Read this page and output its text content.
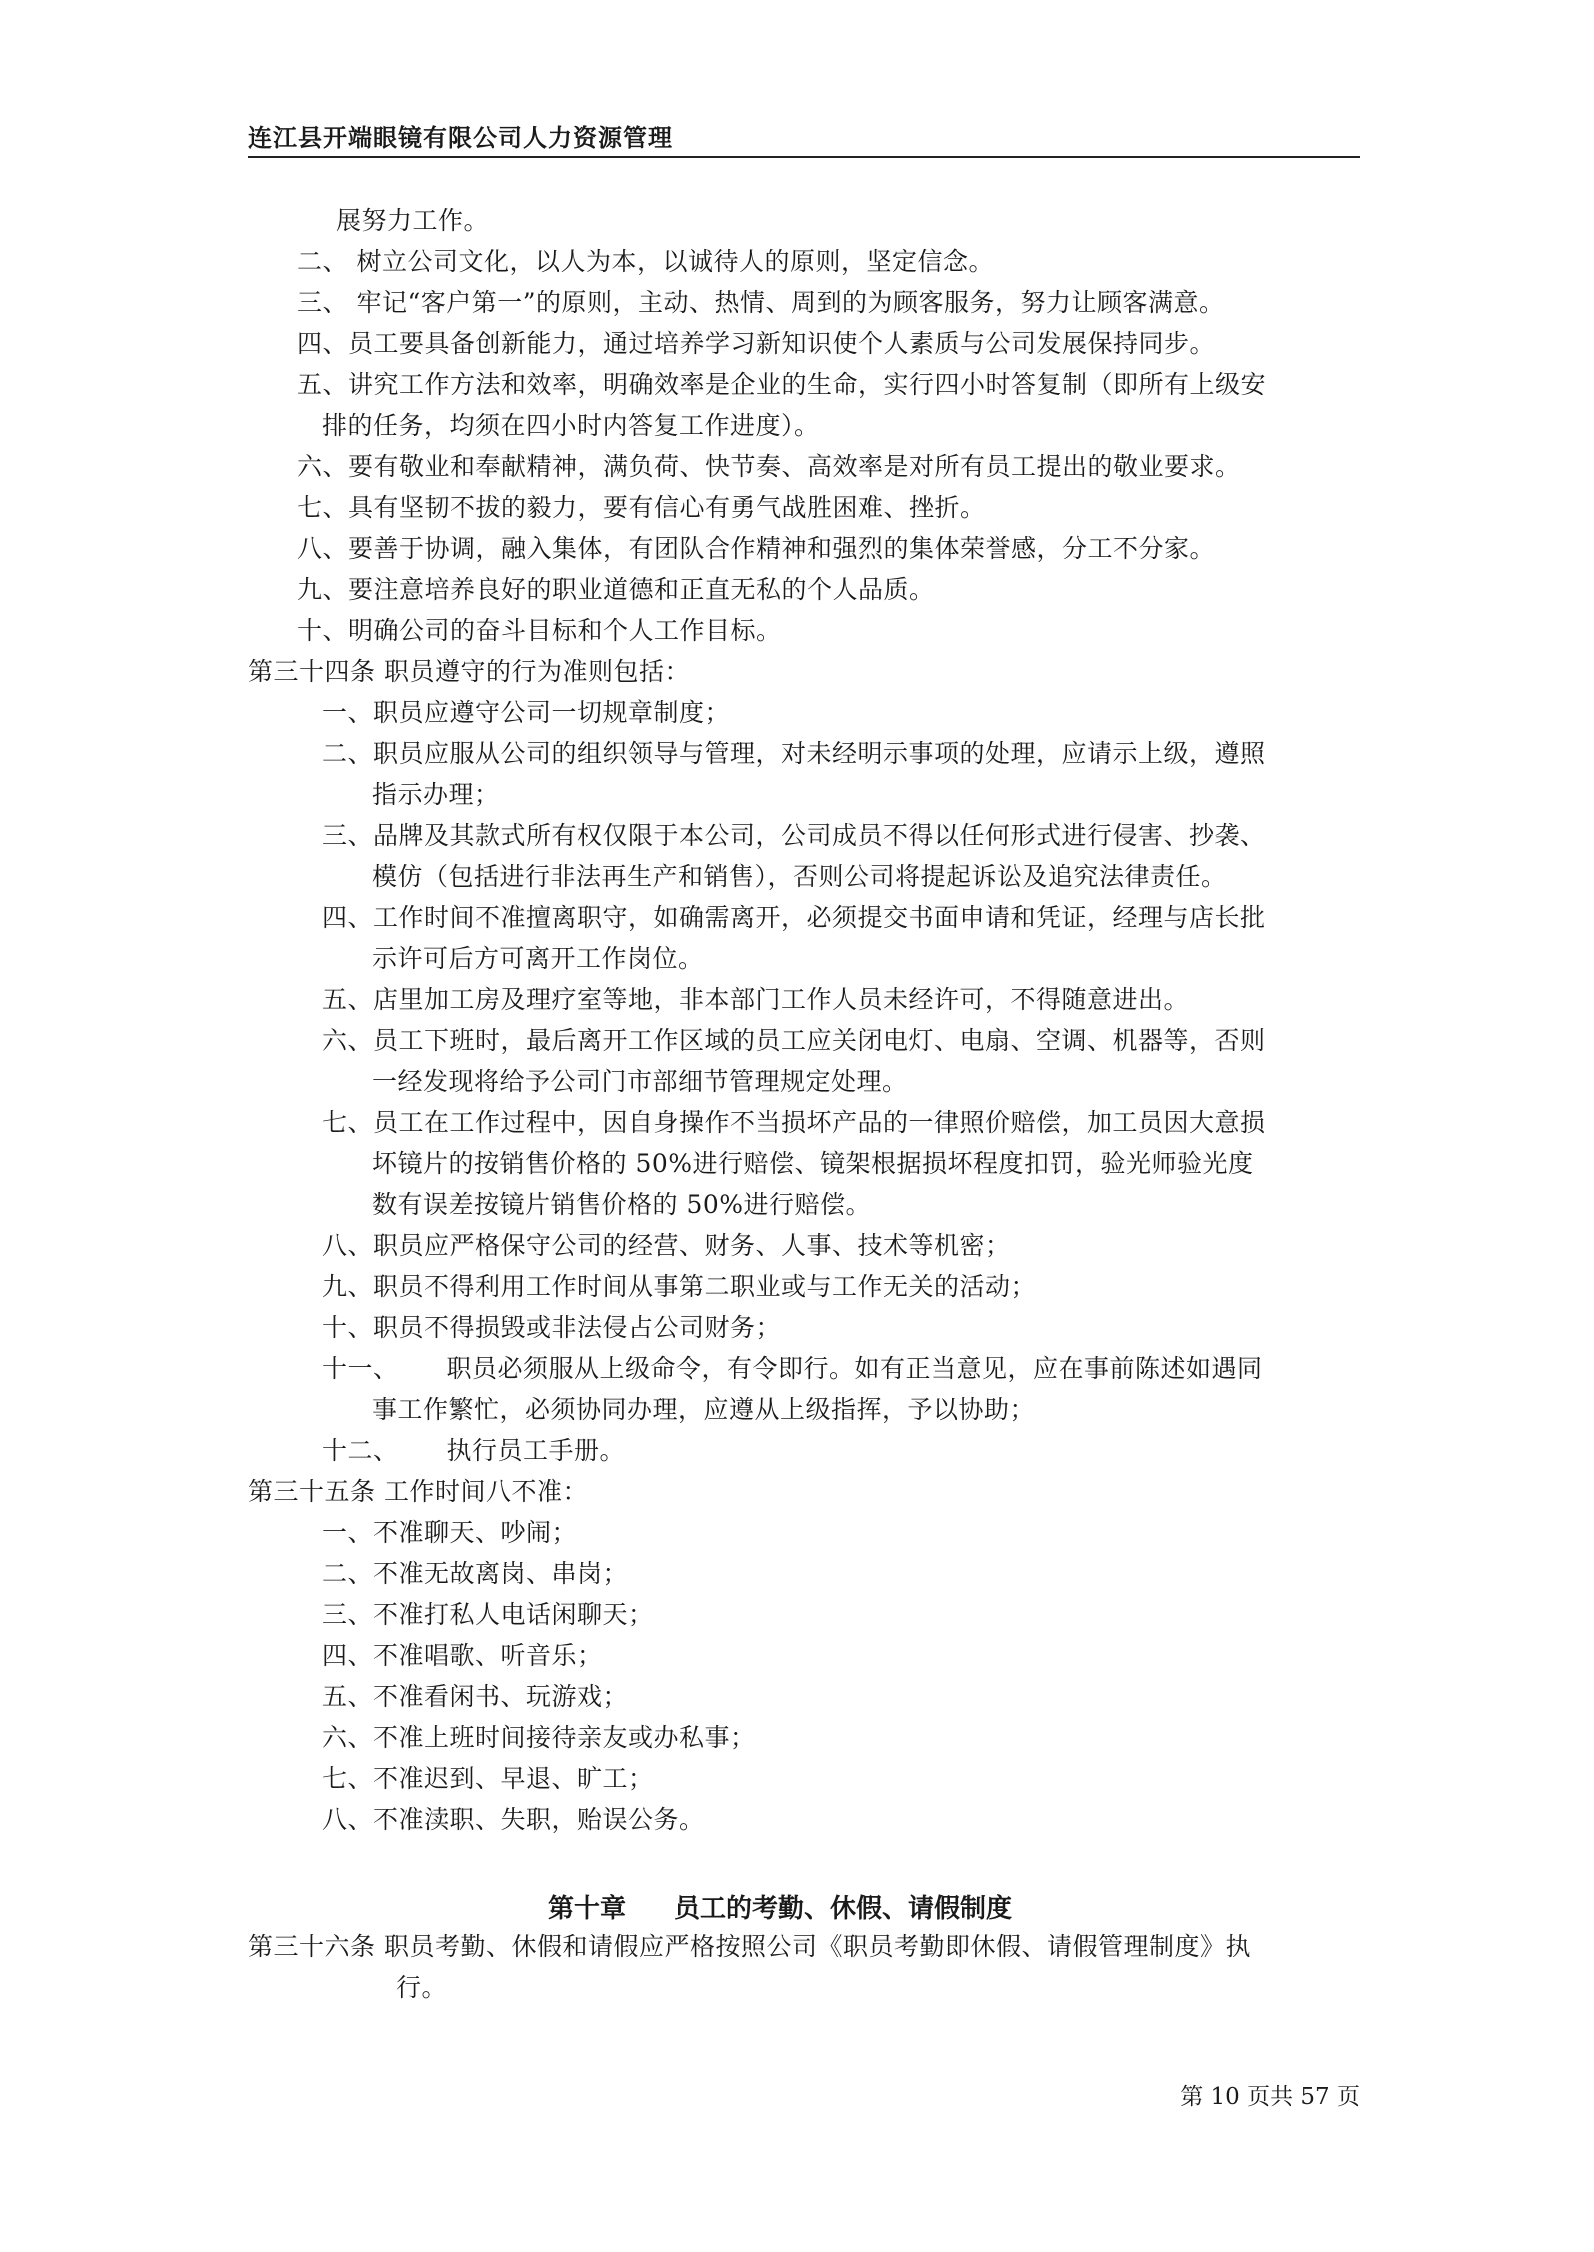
连江县开端眼镜有限公司人力资源管理
展努力工作。
二、 树立公司文化，以人为本，以诚待人的原则，坚定信念。
三、 牢记“客户第一”的原则，主动、热情、周到的为顾客服务，努力让顾客满意。
四、员工要具备创新能力，通过培养学习新知识使个人素质与公司发展保持同步。
五、讲究工作方法和效率，明确效率是企业的生命，实行四小时答复制（即所有上级安
排的任务，均须在四小时内答复工作进度）。
六、要有敬业和奉献精神，满负荷、快节奏、高效率是对所有员工提出的敬业要求。
七、具有坚韧不拔的毅力，要有信心有勇气战胜困难、挫折。
八、要善于协调，融入集体，有团队合作精神和强烈的集体荣誉感，分工不分家。
九、要注意培养良好的职业道德和正直无私的个人品质。
十、明确公司的奋斗目标和个人工作目标。
第三十四条 职员遵守的行为准则包括：
一、职员应遵守公司一切规章制度；
二、职员应服从公司的组织领导与管理，对未经明示事项的处理，应请示上级，遵照
指示办理；
三、品牌及其款式所有权仅限于本公司，公司成员不得以任何形式进行侵害、抄袭、
模仿（包括进行非法再生产和销售），否则公司将提起诉讼及追究法律责任。
四、工作时间不准擅离职守，如确需离开，必须提交书面申请和凭证，经理与店长批
示许可后方可离开工作岗位。
五、店里加工房及理疗室等地，非本部门工作人员未经许可，不得随意进出。
六、员工下班时，最后离开工作区域的员工应关闭电灯、电扇、空调、机器等，否则
一经发现将给予公司门市部细节管理规定处理。
七、员工在工作过程中，因自身操作不当损坏产品的一律照价赔偿，加工员因大意损
坏镜片的按销售价格的 50%进行赔偿、镜架根据损坏程度扣罚，验光师验光度
数有误差按镜片销售价格的 50%进行赔偿。
八、职员应严格保守公司的经营、财务、人事、技术等机密；
九、职员不得利用工作时间从事第二职业或与工作无关的活动；
十、职员不得损毁或非法侵占公司财务；
十一、 职员必须服从上级命令，有令即行。如有正当意见，应在事前陈述如遇同
事工作繁忙，必须协同办理，应遵从上级指挥，予以协助；
十二、 执行员工手册。
第三十五条 工作时间八不准：
一、不准聊天、吵闹；
二、不准无故离岗、串岗；
三、不准打私人电话闲聊天；
四、不准唱歌、听音乐；
五、不准看闲书、玩游戏；
六、不准上班时间接待亲友或办私事；
七、不准迟到、早退、旷工；
八、不准渎职、失职，贻误公务。
第十章 员工的考勤、休假、请假制度
第三十六条 职员考勤、休假和请假应严格按照公司《职员考勤即休假、请假管理制度》执
行。
第 10 页共 57 页
